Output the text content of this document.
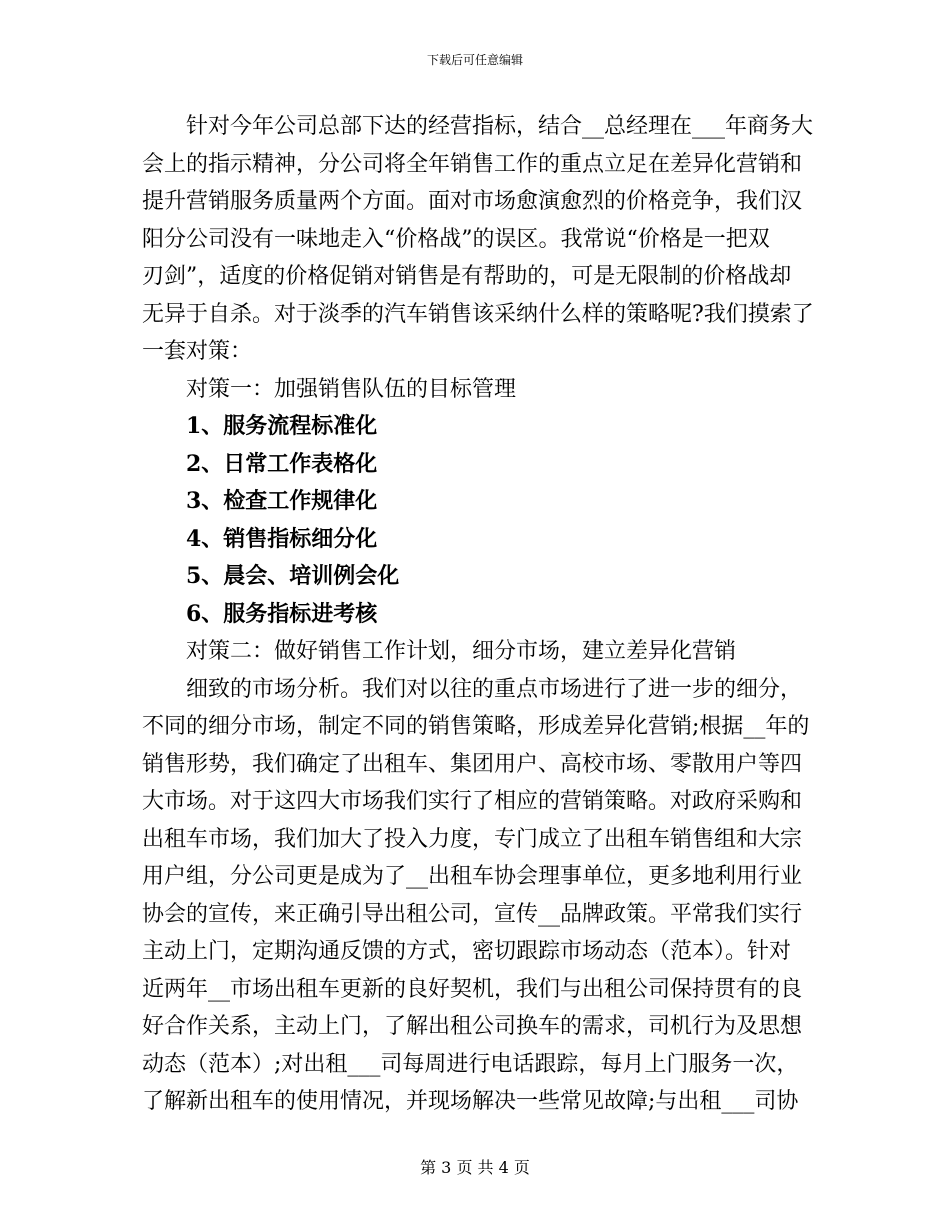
下载后可任意编辑
针对今年公司总部下达的经营指标，结合__总经理在___年商务大
会上的指示精神，分公司将全年销售工作的重点立足在差异化营销和
提升营销服务质量两个方面。面对市场愈演愈烈的价格竞争，我们汉
阳分公司没有一味地走入“价格战”的误区。我常说“价格是一把双
刃剑”，适度的价格促销对销售是有帮助的，可是无限制的价格战却
无异于自杀。对于淡季的汽车销售该采纳什么样的策略呢?我们摸索了
一套对策：
对策一：加强销售队伍的目标管理
1、服务流程标准化
2、日常工作表格化
3、检查工作规律化
4、销售指标细分化
5、晨会、培训例会化
6、服务指标进考核
对策二：做好销售工作计划，细分市场，建立差异化营销
细致的市场分析。我们对以往的重点市场进行了进一步的细分，
不同的细分市场，制定不同的销售策略，形成差异化营销;根据__年的
销售形势，我们确定了出租车、集团用户、高校市场、零散用户等四
大市场。对于这四大市场我们实行了相应的营销策略。对政府采购和
出租车市场，我们加大了投入力度，专门成立了出租车销售组和大宗
用户组，分公司更是成为了__出租车协会理事单位，更多地利用行业
协会的宣传，来正确引导出租公司，宣传__品牌政策。平常我们实行
主动上门，定期沟通反馈的方式，密切跟踪市场动态（范本）。针对
近两年__市场出租车更新的良好契机，我们与出租公司保持贯有的良
好合作关系，主动上门，了解出租公司换车的需求，司机行为及思想
动态（范本）;对出租___司每周进行电话跟踪，每月上门服务一次，
了解新出租车的使用情况，并现场解决一些常见故障;与出租___司协
第 3 页 共 4 页
